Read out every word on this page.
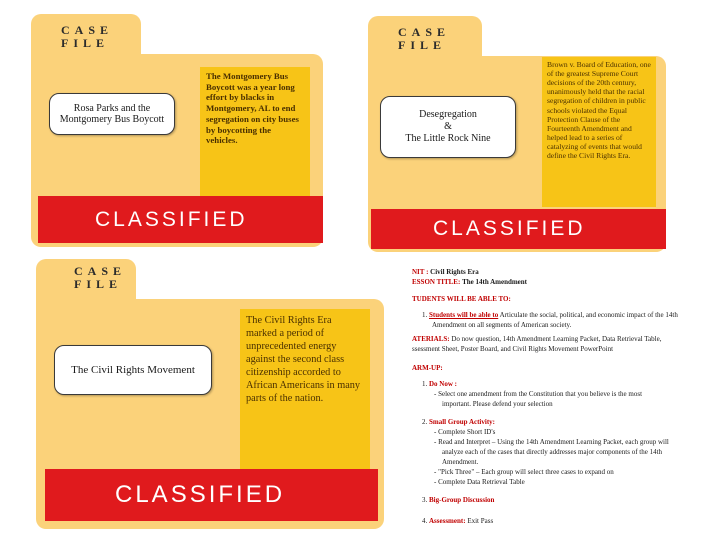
CASE
FILE
Rosa Parks and the Montgomery Bus Boycott
The Montgomery Bus Boycott was a year long effort by blacks in Montgomery, AL to end segregation on city buses by boycotting the vehicles.
CLASSIFIED
CASE
FILE
Desegregation
&
The Little Rock Nine
Brown v. Board of Education, one of the greatest Supreme Court decisions of the 20th century, unanimously held that the racial segregation of children in public schools violated the Equal Protection Clause of the Fourteenth Amendment and helped lead to a series of catalyzing of events that would define the Civil Rights Era.
CLASSIFIED
CASE
FILE
The Civil Rights Movement
The Civil Rights Era marked a period of unprecedented energy against the second class citizenship accorded to African Americans in many parts of the nation.
CLASSIFIED
NIT : Civil Rights Era
ESSON TITLE: The 14th Amendment
TUDENTS WILL BE ABLE TO:
1. Students will be able to Articulate the social, political, and economic impact of the 14th
Amendment on all segments of American society.
ATERIALS: Do now question, 14th Amendment Learning Packet, Data Retrieval Table,
ssessment Sheet, Poster Board, and Civil Rights Movement PowerPoint
ARM-UP:
1. Do Now :
- Select one amendment from the Constitution that you believe is the most
important. Please defend your selection
2. Small Group Activity:
- Complete Short ID's
- Read and Interpret – Using the 14th Amendment Learning Packet, each group will
analyze each of the cases that directly addresses major components of the 14th
Amendment.
- "Pick Three" – Each group will select three cases to expand on
- Complete Data Retrieval Table
3. Big-Group Discussion
4. Assessment: Exit Pass
